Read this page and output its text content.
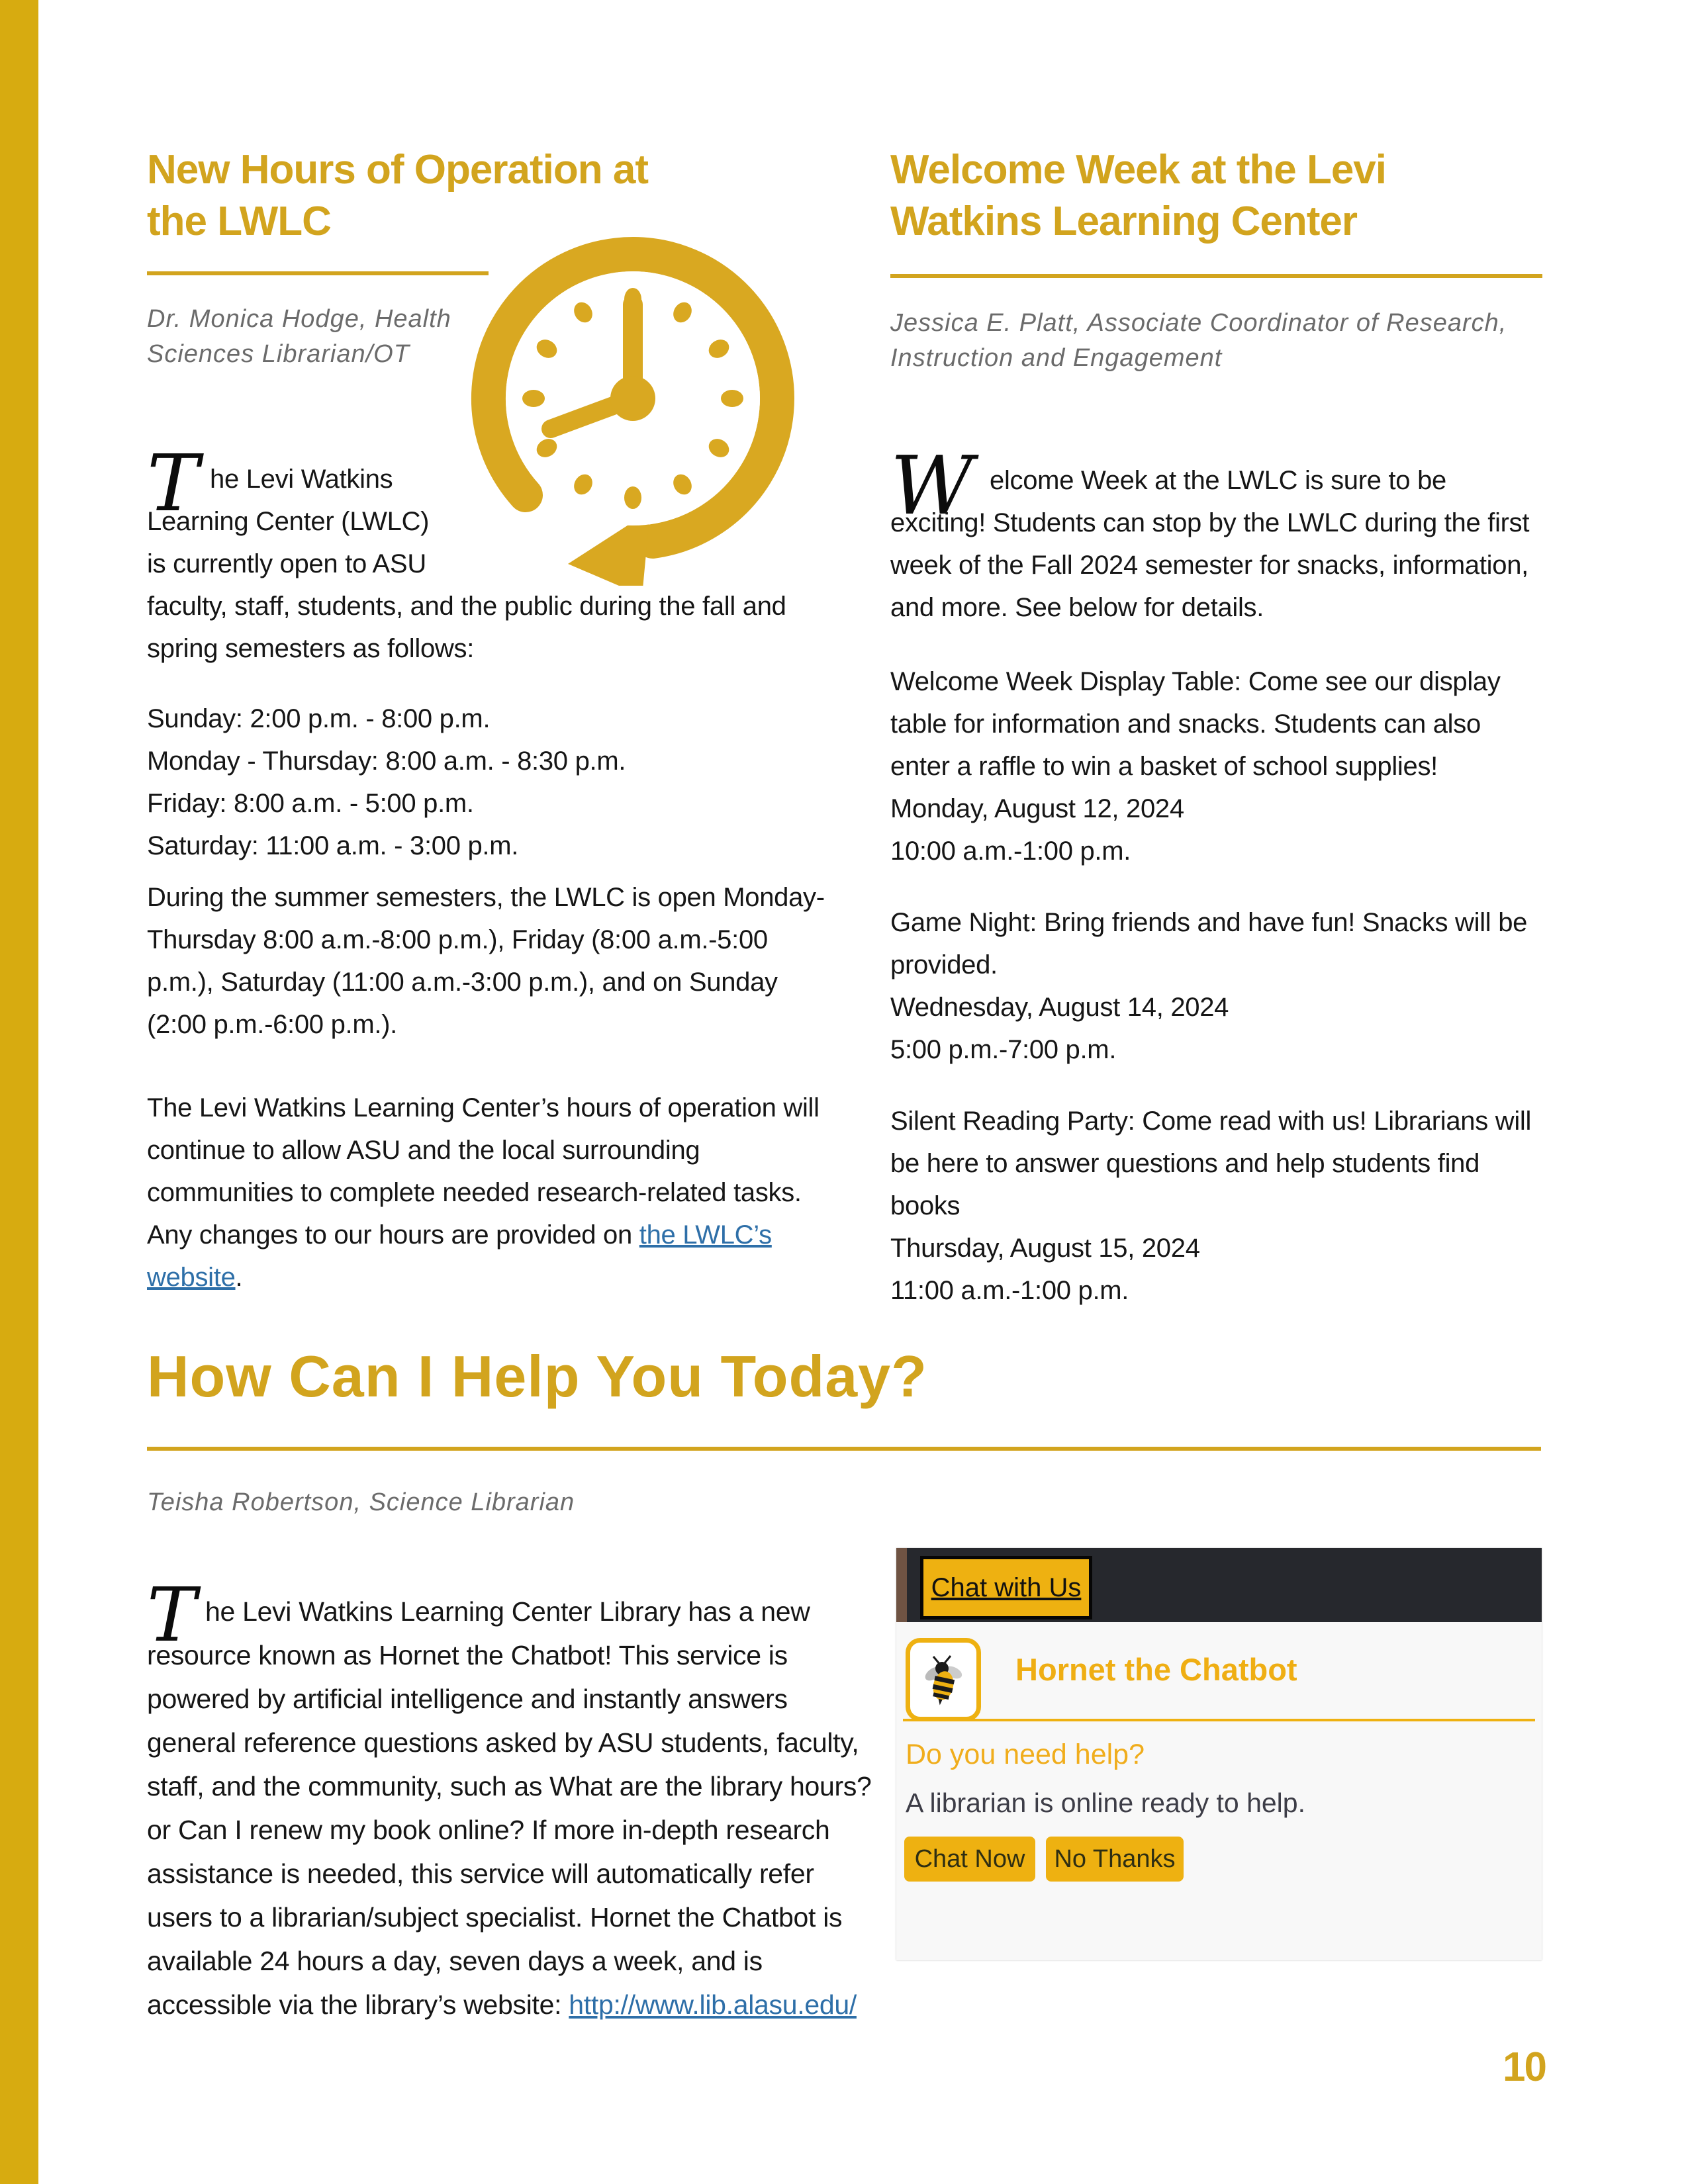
New Hours of Operation at the LWLC
Dr. Monica Hodge, Health Sciences Librarian/OT
The Levi Watkins Learning Center (LWLC) is currently open to ASU faculty, staff, students, and the public during the fall and spring semesters as follows:
Sunday: 2:00 p.m. - 8:00 p.m.
Monday - Thursday: 8:00 a.m. - 8:30 p.m.
Friday: 8:00 a.m. - 5:00 p.m.
Saturday: 11:00 a.m. - 3:00 p.m.
During the summer semesters, the LWLC is open Monday-Thursday 8:00 a.m.-8:00 p.m.), Friday (8:00 a.m.-5:00 p.m.), Saturday (11:00 a.m.-3:00 p.m.), and on Sunday (2:00 p.m.-6:00 p.m.).
The Levi Watkins Learning Center’s hours of operation will continue to allow ASU and the local surrounding communities to complete needed research-related tasks. Any changes to our hours are provided on the LWLC’s website.
Welcome Week at the Levi Watkins Learning Center
Jessica E. Platt, Associate Coordinator of Research, Instruction and Engagement
Welcome Week at the LWLC is sure to be exciting! Students can stop by the LWLC during the first week of the Fall 2024 semester for snacks, information, and more. See below for details.
Welcome Week Display Table: Come see our display table for information and snacks. Students can also enter a raffle to win a basket of school supplies!
Monday, August 12, 2024
10:00 a.m.-1:00 p.m.
Game Night: Bring friends and have fun! Snacks will be provided.
Wednesday, August 14, 2024
5:00 p.m.-7:00 p.m.
Silent Reading Party: Come read with us! Librarians will be here to answer questions and help students find books
Thursday, August 15, 2024
11:00 a.m.-1:00 p.m.
How Can I Help You Today?
Teisha Robertson, Science Librarian
The Levi Watkins Learning Center Library has a new resource known as Hornet the Chatbot! This service is powered by artificial intelligence and instantly answers general reference questions asked by ASU students, faculty, staff, and the community, such as What are the library hours? or Can I renew my book online? If more in-depth research assistance is needed, this service will automatically refer users to a librarian/subject specialist. Hornet the Chatbot is available 24 hours a day, seven days a week, and is accessible via the library’s website: http://www.lib.alasu.edu/
Chat with Us
Hornet the Chatbot
Do you need help?
A librarian is online ready to help.
Chat Now	No Thanks
10
